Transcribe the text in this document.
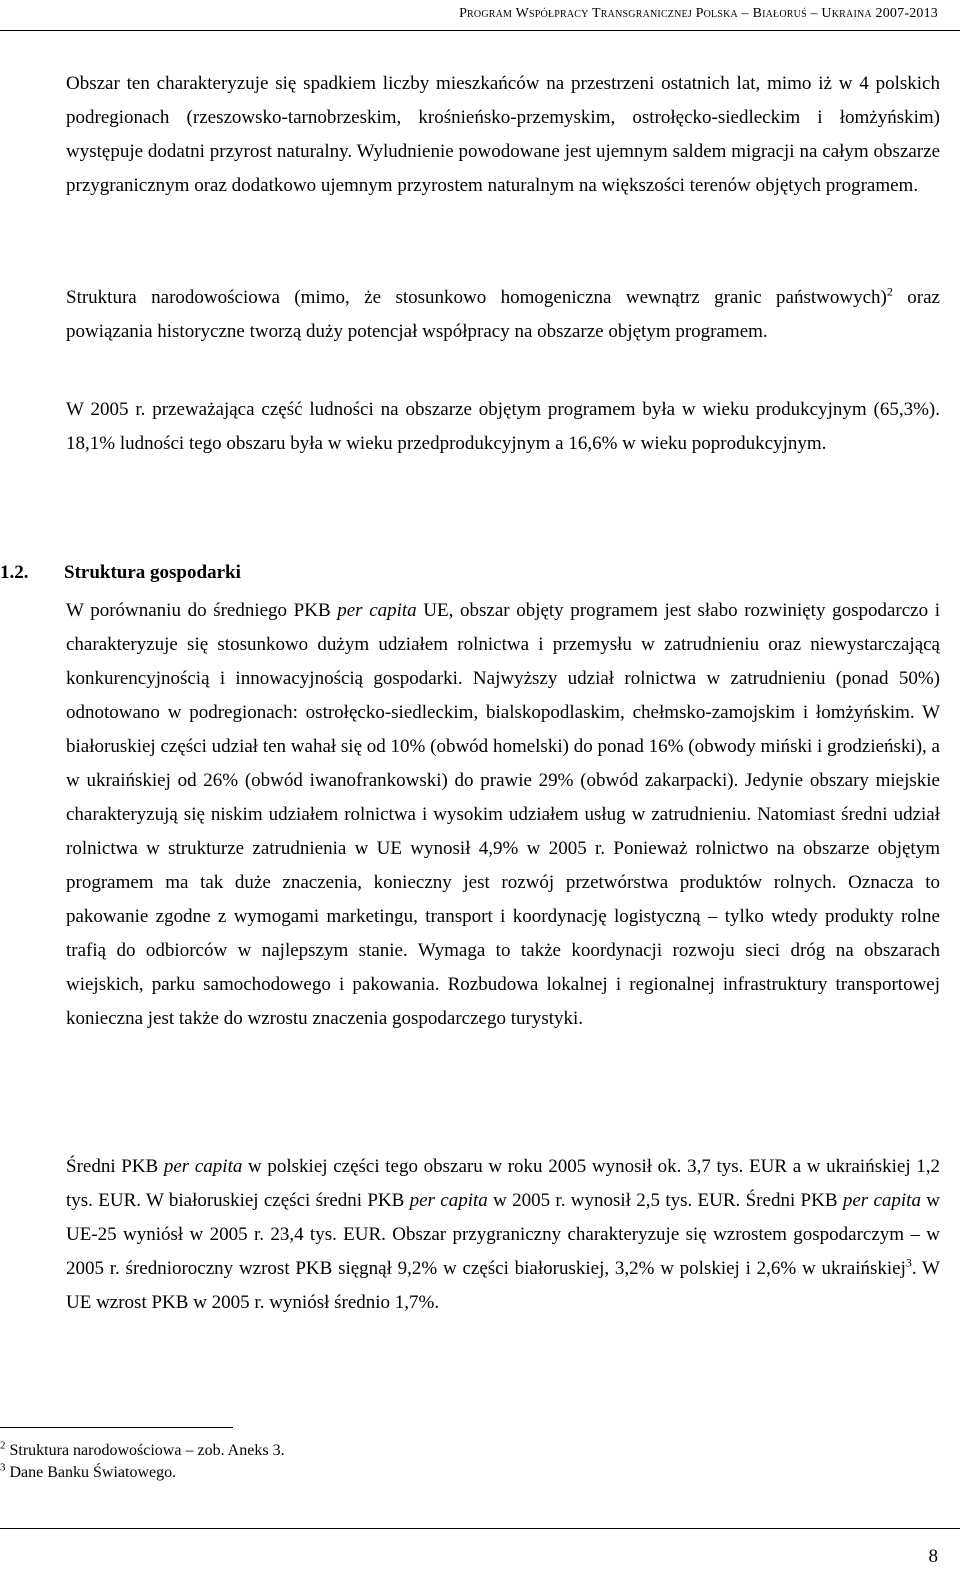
Program Współpracy Transgranicznej Polska – Białoruś – Ukraina 2007-2013

Obszar ten charakteryzuje się spadkiem liczby mieszkańców na przestrzeni ostatnich lat, mimo iż w 4 polskich podregionach (rzeszowsko-tarnobrzeskim, krośnieńsko-przemyskim, ostrołęcko-siedleckim i łomżyńskim) występuje dodatni przyrost naturalny. Wyludnienie powodowane jest ujemnym saldem migracji na całym obszarze przygranicznym oraz dodatkowo ujemnym przyrostem naturalnym na większości terenów objętych programem.

Struktura narodowościowa (mimo, że stosunkowo homogeniczna wewnątrz granic państwowych)$^2$ oraz powiązania historyczne tworzą duży potencjał współpracy na obszarze objętym programem.

W 2005 r. przeważająca część ludności na obszarze objętym programem była w wieku produkcyjnym (65,3%). 18,1% ludności tego obszaru była w wieku przedprodukcyjnym a 16,6% w wieku poprodukcyjnym.

1.2. Struktura gospodarki

W porównaniu do średniego PKB per capita UE, obszar objęty programem jest słabo rozwinięty gospodarczo i charakteryzuje się stosunkowo dużym udziałem rolnictwa i przemysłu w zatrudnieniu oraz niewystarczającą konkurencyjnością i innowacyjnością gospodarki. Najwyższy udział rolnictwa w zatrudnieniu (ponad 50%) odnotowano w podregionach: ostrołęcko-siedleckim, bialskopodlaskim, chełmsko-zamojskim i łomżyńskim. W białoruskiej części udział ten wahał się od 10% (obwód homelski) do ponad 16% (obwody miński i grodzieński), a w ukraińskiej od 26% (obwód iwanofrankowski) do prawie 29% (obwód zakarpacki). Jedynie obszary miejskie charakteryzują się niskim udziałem rolnictwa i wysokim udziałem usług w zatrudnieniu. Natomiast średni udział rolnictwa w strukturze zatrudnienia w UE wynosił 4,9% w 2005 r. Ponieważ rolnictwo na obszarze objętym programem ma tak duże znaczenia, konieczny jest rozwój przetwórstwa produktów rolnych. Oznacza to pakowanie zgodne z wymogami marketingu, transport i koordynację logistyczną – tylko wtedy produkty rolne trafią do odbiorców w najlepszym stanie. Wymaga to także koordynacji rozwoju sieci dróg na obszarach wiejskich, parku samochodowego i pakowania. Rozbudowa lokalnej i regionalnej infrastruktury transportowej konieczna jest także do wzrostu znaczenia gospodarczego turystyki.

Średni PKB per capita w polskiej części tego obszaru w roku 2005 wynosił ok. 3,7 tys. EUR a w ukraińskiej 1,2 tys. EUR. W białoruskiej części średni PKB per capita w 2005 r. wynosił 2,5 tys. EUR. Średni PKB per capita w UE-25 wyniósł w 2005 r. 23,4 tys. EUR. Obszar przygraniczny charakteryzuje się wzrostem gospodarczym – w 2005 r. średnioroczny wzrost PKB sięgnął 9,2% w części białoruskiej, 3,2% w polskiej i 2,6% w ukraińskiej$^3$. W UE wzrost PKB w 2005 r. wyniósł średnio 1,7%.

$^2$ Struktura narodowościowa – zob. Aneks 3.

$^3$ Dane Banku Światowego.

8
